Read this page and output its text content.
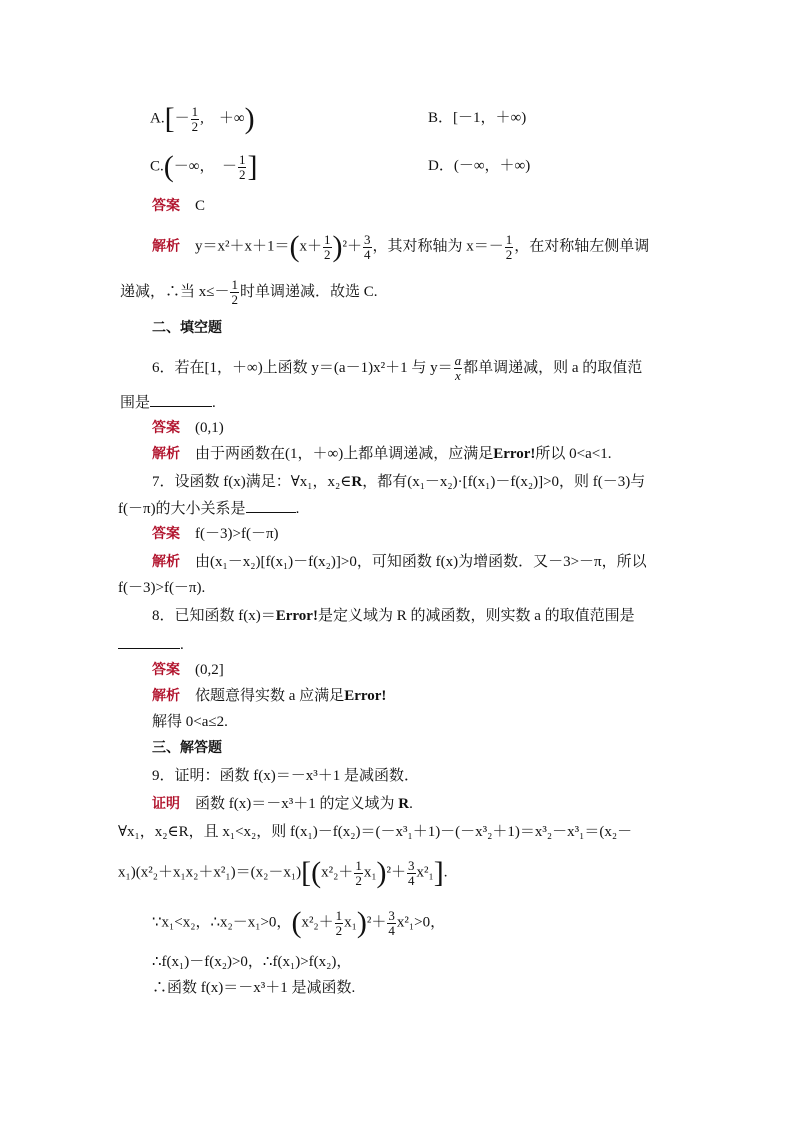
$A.[- \frac{1}{2}$ ,　＋∞)	B．[－1，＋∞)
C.(－∞，　－ $\frac{1}{2}$ ]	D．(－∞，＋∞)
答案　 C
解析　 $y=x^2+x+1=(x+ \frac{1}{2} )^2+ \frac{3}{4}$ ，其对称轴为 $x=- \frac{1}{2}$ ，在对称轴左侧单调
递减，∴当 $x\le- \frac{1}{2}$ 时单调递减．故选 C.
二、填空题
6．若在[1，＋∞)上函数 y＝(a－1)x²＋1 与 $y= \frac{a}{x}$ 都单调递减，则 a 的取值范
围是	.
答案　 (0,1)
解析　 由于两函数在(1，＋∞)上都单调递减，应满足Error!所以 0<a<1.
7．设函数 f(x)满足：∀x₁，x₂∈R，都有(x₁－x₂)·[f(x₁)－f(x₂)]>0，则 f(－3)与
f(－π)的大小关系是	.
答案　 f(－3)>f(－π)
解析　 由(x₁－x₂)[f(x₁)－f(x₂)]>0，可知函数 f(x)为增函数．又－3>－π，所以
f(－3)>f(－π).
8．已知函数 f(x)＝Error!是定义域为 R 的减函数，则实数 a 的取值范围是
.
答案　 (0,2]
解析　 依题意得实数 a 应满足Error!
解得 0<a≤2.
三、解答题
9．证明：函数 f(x)＝－x³＋1 是减函数．
证明　 函数 f(x)＝－x³＋1 的定义域为 R.
∀x₁，x₂∈R，且 x₁<x₂，则 f(x₁)－f(x₂)＝(－x³₁＋1)－(－x³₂＋1)＝x³₂－x³₁＝(x₂－
$x_1)(x^2_2+x_1x_2+x^2_1)=(x_2-x_1)[(x^2_2+ \frac{1}{2} x_1)^2+ \frac{3}{4} x^2_1]$.
∵x₁<x₂，∴x₂－x₁>0，$(x^2_2+ \frac{1}{2} x_1)^2+ \frac{3}{4} x^2_1>0$，
∴f(x₁)－f(x₂)>0，∴f(x₁)>f(x₂)，
∴函数 f(x)＝－x³＋1 是减函数.
